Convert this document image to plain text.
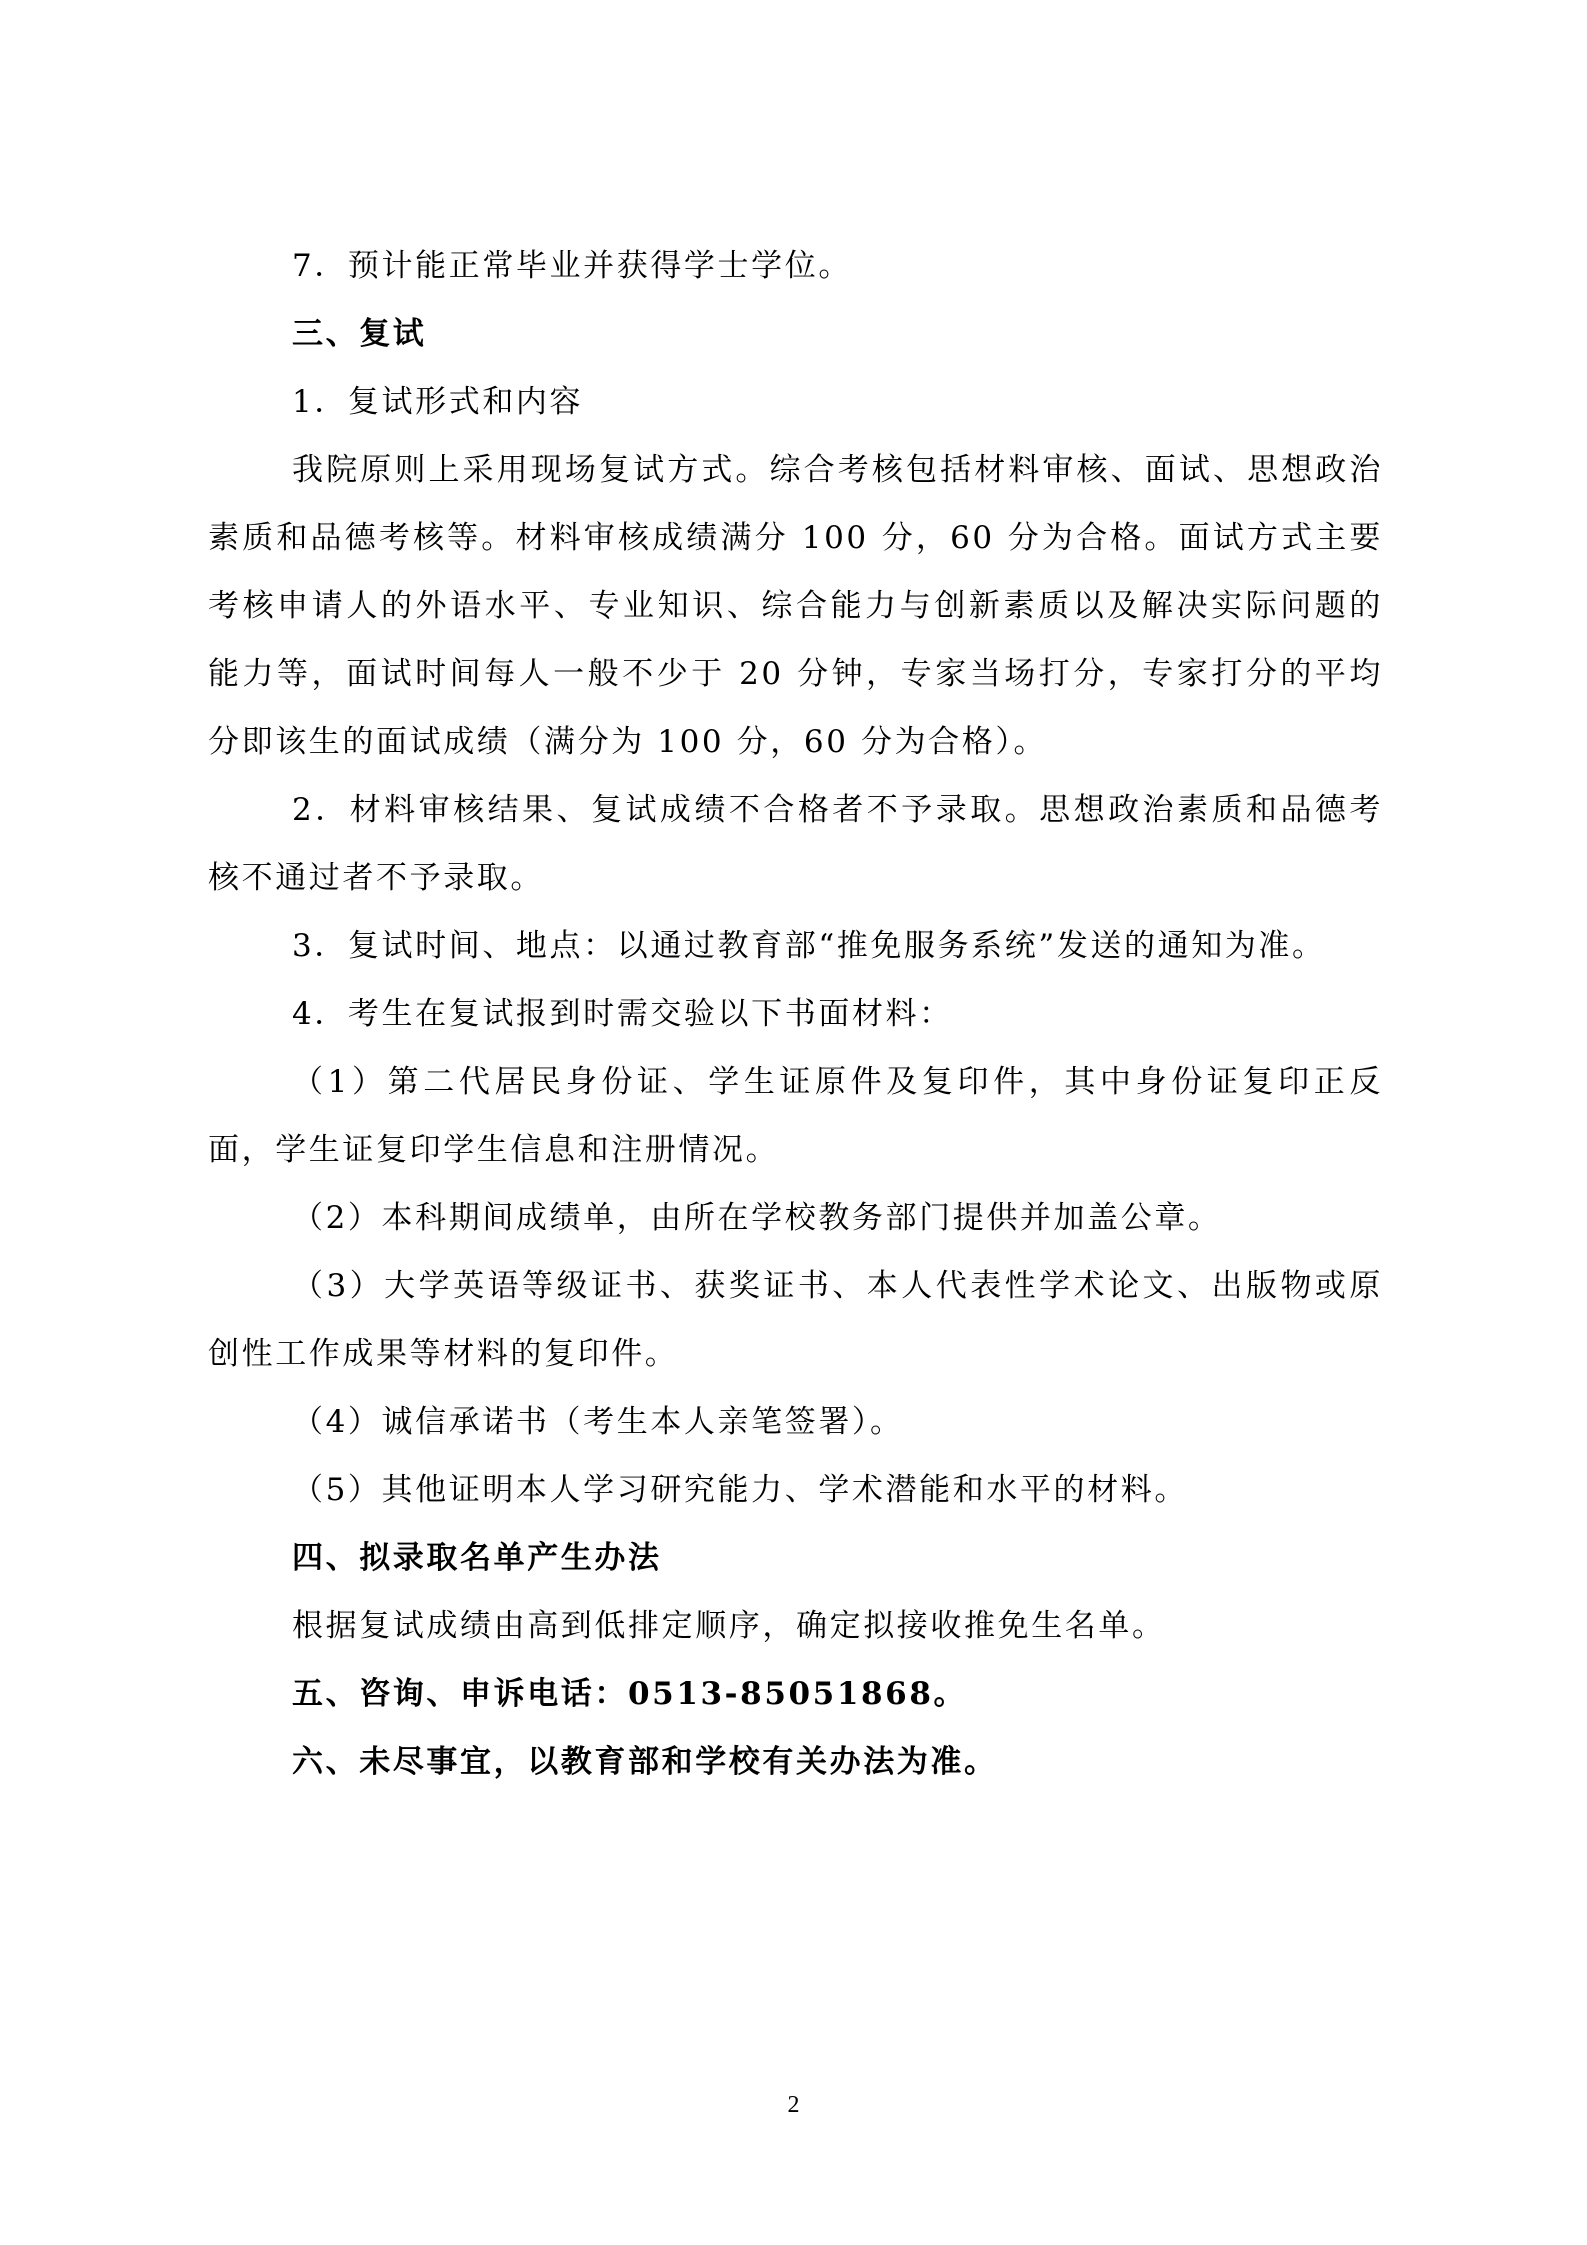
7．预计能正常毕业并获得学士学位。

三、复试

1．复试形式和内容

我院原则上采用现场复试方式。综合考核包括材料审核、面试、思想政治素质和品德考核等。材料审核成绩满分 100 分，60 分为合格。面试方式主要考核申请人的外语水平、专业知识、综合能力与创新素质以及解决实际问题的能力等，面试时间每人一般不少于 20 分钟，专家当场打分，专家打分的平均分即该生的面试成绩（满分为 100 分，60 分为合格）。

2．材料审核结果、复试成绩不合格者不予录取。思想政治素质和品德考核不通过者不予录取。

3．复试时间、地点：以通过教育部“推免服务系统”发送的通知为准。

4．考生在复试报到时需交验以下书面材料：

（1）第二代居民身份证、学生证原件及复印件，其中身份证复印正反面，学生证复印学生信息和注册情况。

（2）本科期间成绩单，由所在学校教务部门提供并加盖公章。

（3）大学英语等级证书、获奖证书、本人代表性学术论文、出版物或原创性工作成果等材料的复印件。

（4）诚信承诺书（考生本人亲笔签署）。

（5）其他证明本人学习研究能力、学术潜能和水平的材料。

四、拟录取名单产生办法

根据复试成绩由高到低排定顺序，确定拟接收推免生名单。

五、咨询、申诉电话：0513-85051868。

六、未尽事宜，以教育部和学校有关办法为准。

2
